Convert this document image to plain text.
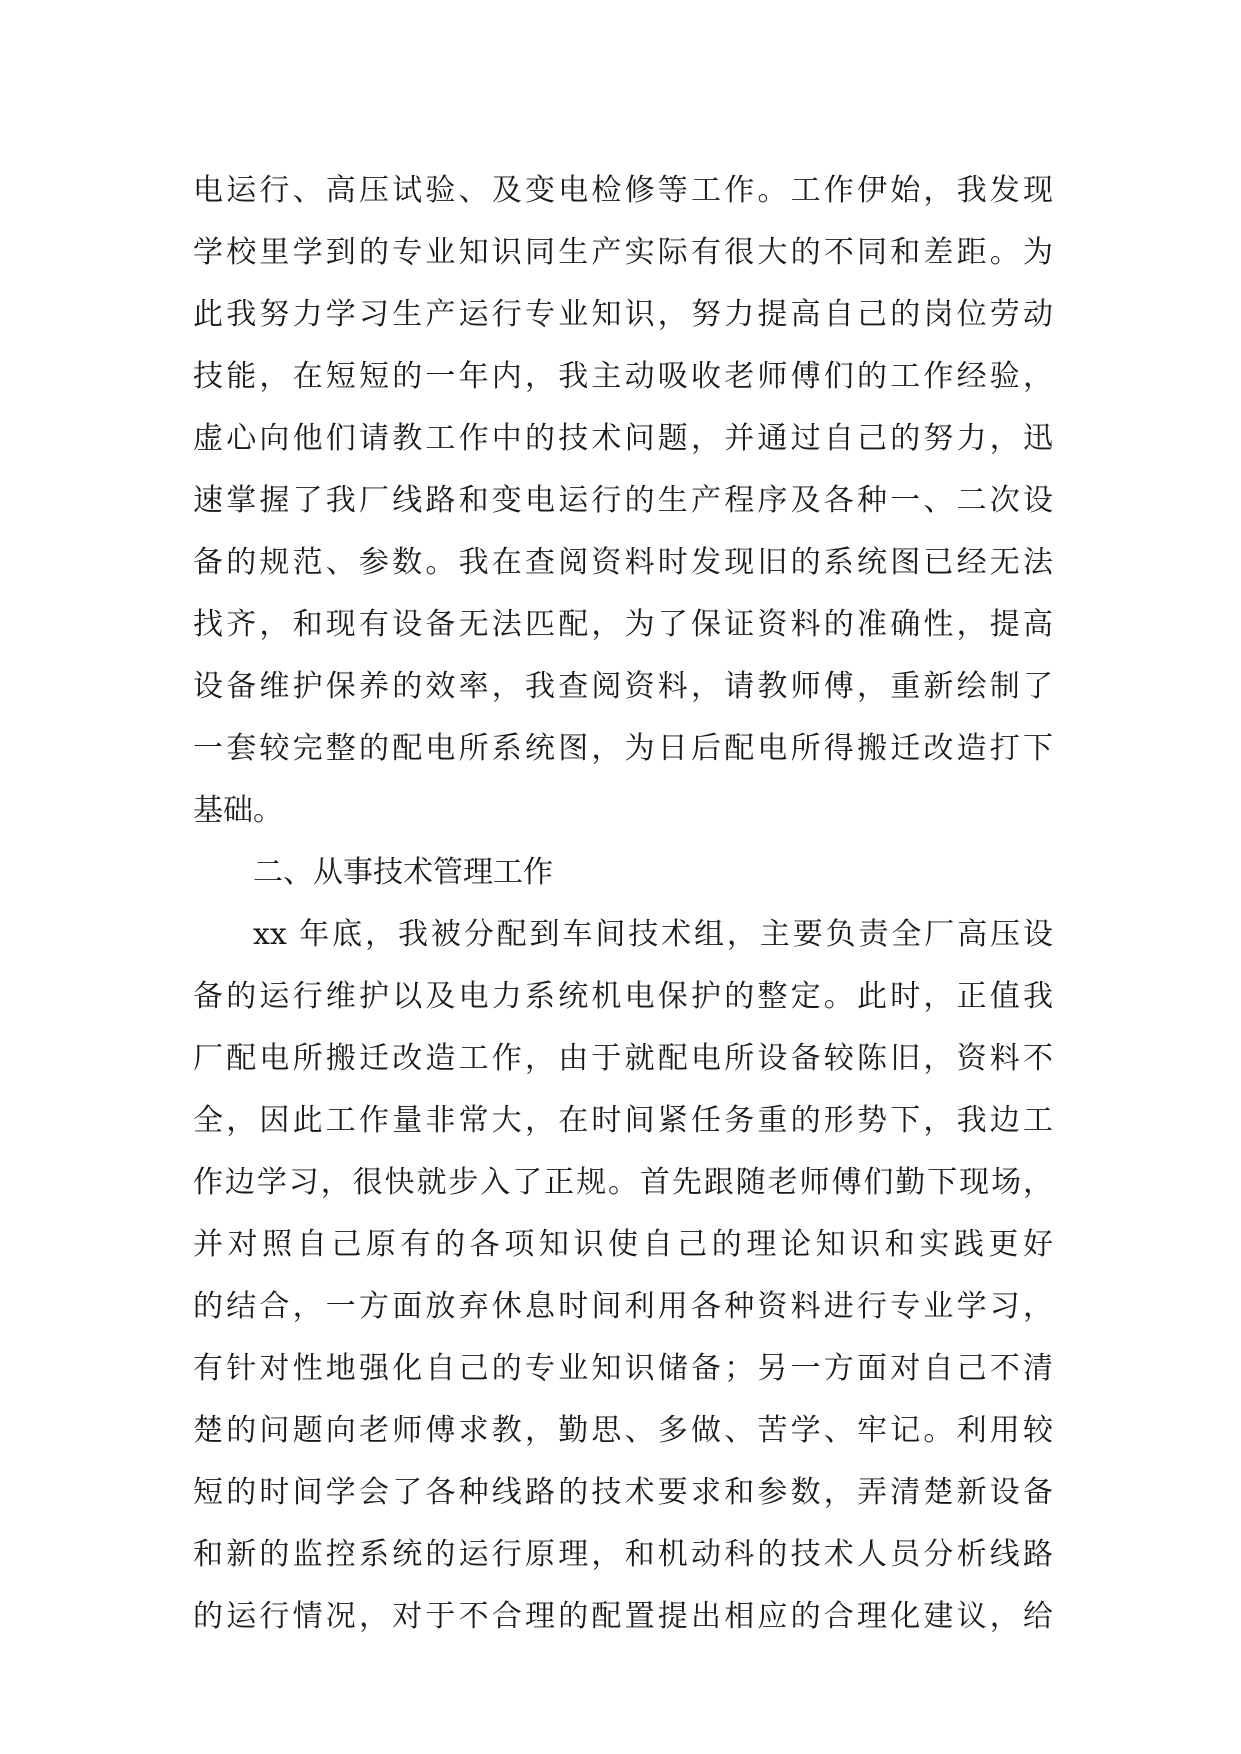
电运行、高压试验、及变电检修等工作。工作伊始，我发现
学校里学到的专业知识同生产实际有很大的不同和差距。为
此我努力学习生产运行专业知识，努力提高自己的岗位劳动
技能，在短短的一年内，我主动吸收老师傅们的工作经验，
虚心向他们请教工作中的技术问题，并通过自己的努力，迅
速掌握了我厂线路和变电运行的生产程序及各种一、二次设
备的规范、参数。我在查阅资料时发现旧的系统图已经无法
找齐，和现有设备无法匹配，为了保证资料的准确性，提高
设备维护保养的效率，我查阅资料，请教师傅，重新绘制了
一套较完整的配电所系统图，为日后配电所得搬迁改造打下
基础。
二、从事技术管理工作
xx 年底，我被分配到车间技术组，主要负责全厂高压设
备的运行维护以及电力系统机电保护的整定。此时，正值我
厂配电所搬迁改造工作，由于就配电所设备较陈旧，资料不
全，因此工作量非常大，在时间紧任务重的形势下，我边工
作边学习，很快就步入了正规。首先跟随老师傅们勤下现场，
并对照自己原有的各项知识使自己的理论知识和实践更好
的结合，一方面放弃休息时间利用各种资料进行专业学习，
有针对性地强化自己的专业知识储备；另一方面对自己不清
楚的问题向老师傅求教，勤思、多做、苦学、牢记。利用较
短的时间学会了各种线路的技术要求和参数，弄清楚新设备
和新的监控系统的运行原理，和机动科的技术人员分析线路
的运行情况，对于不合理的配置提出相应的合理化建议，给
